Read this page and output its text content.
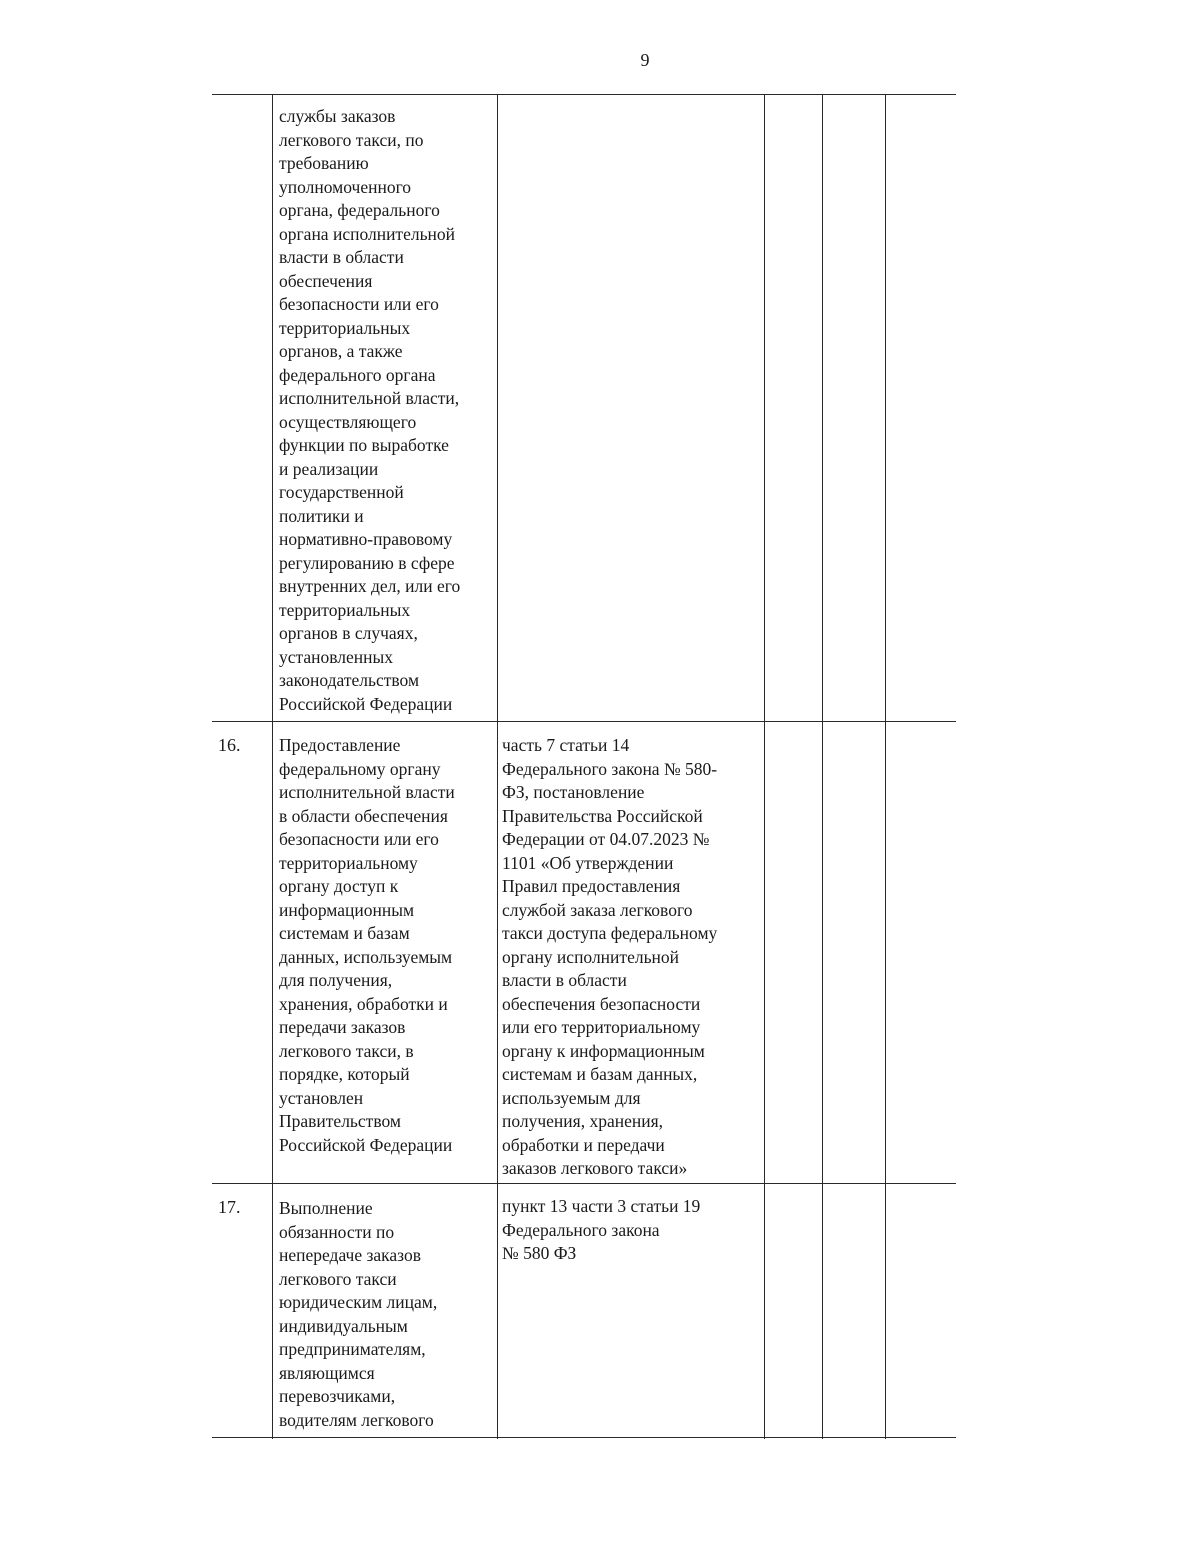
9
службы заказов
легкового такси, по
требованию
уполномоченного
органа, федерального
органа исполнительной
власти в области
обеспечения
безопасности или его
территориальных
органов, а также
федерального органа
исполнительной власти,
осуществляющего
функции по выработке
и реализации
государственной
политики и
нормативно-правовому
регулированию в сфере
внутренних дел, или его
территориальных
органов в случаях,
установленных
законодательством
Российской Федерации
16.	Предоставление
федеральному органу
исполнительной власти
в области обеспечения
безопасности или его
территориальному
органу доступ к
информационным
системам и базам
данных, используемым
для получения,
хранения, обработки и
передачи заказов
легкового такси, в
порядке, который
установлен
Правительством
Российской Федерации
часть 7 статьи 14
Федерального закона № 580-
ФЗ, постановление
Правительства Российской
Федерации от 04.07.2023 №
1101 «Об утверждении
Правил предоставления
службой заказа легкового
такси доступа федеральному
органу исполнительной
власти в области
обеспечения безопасности
или его территориальному
органу к информационным
системам и базам данных,
используемым для
получения, хранения,
обработки и передачи
заказов легкового такси»
17.	Выполнение
обязанности по
непередаче заказов
легкового такси
юридическим лицам,
индивидуальным
предпринимателям,
являющимся
перевозчиками,
водителям легкового
пункт 13 части 3 статьи 19
Федерального закона
№ 580 ФЗ
